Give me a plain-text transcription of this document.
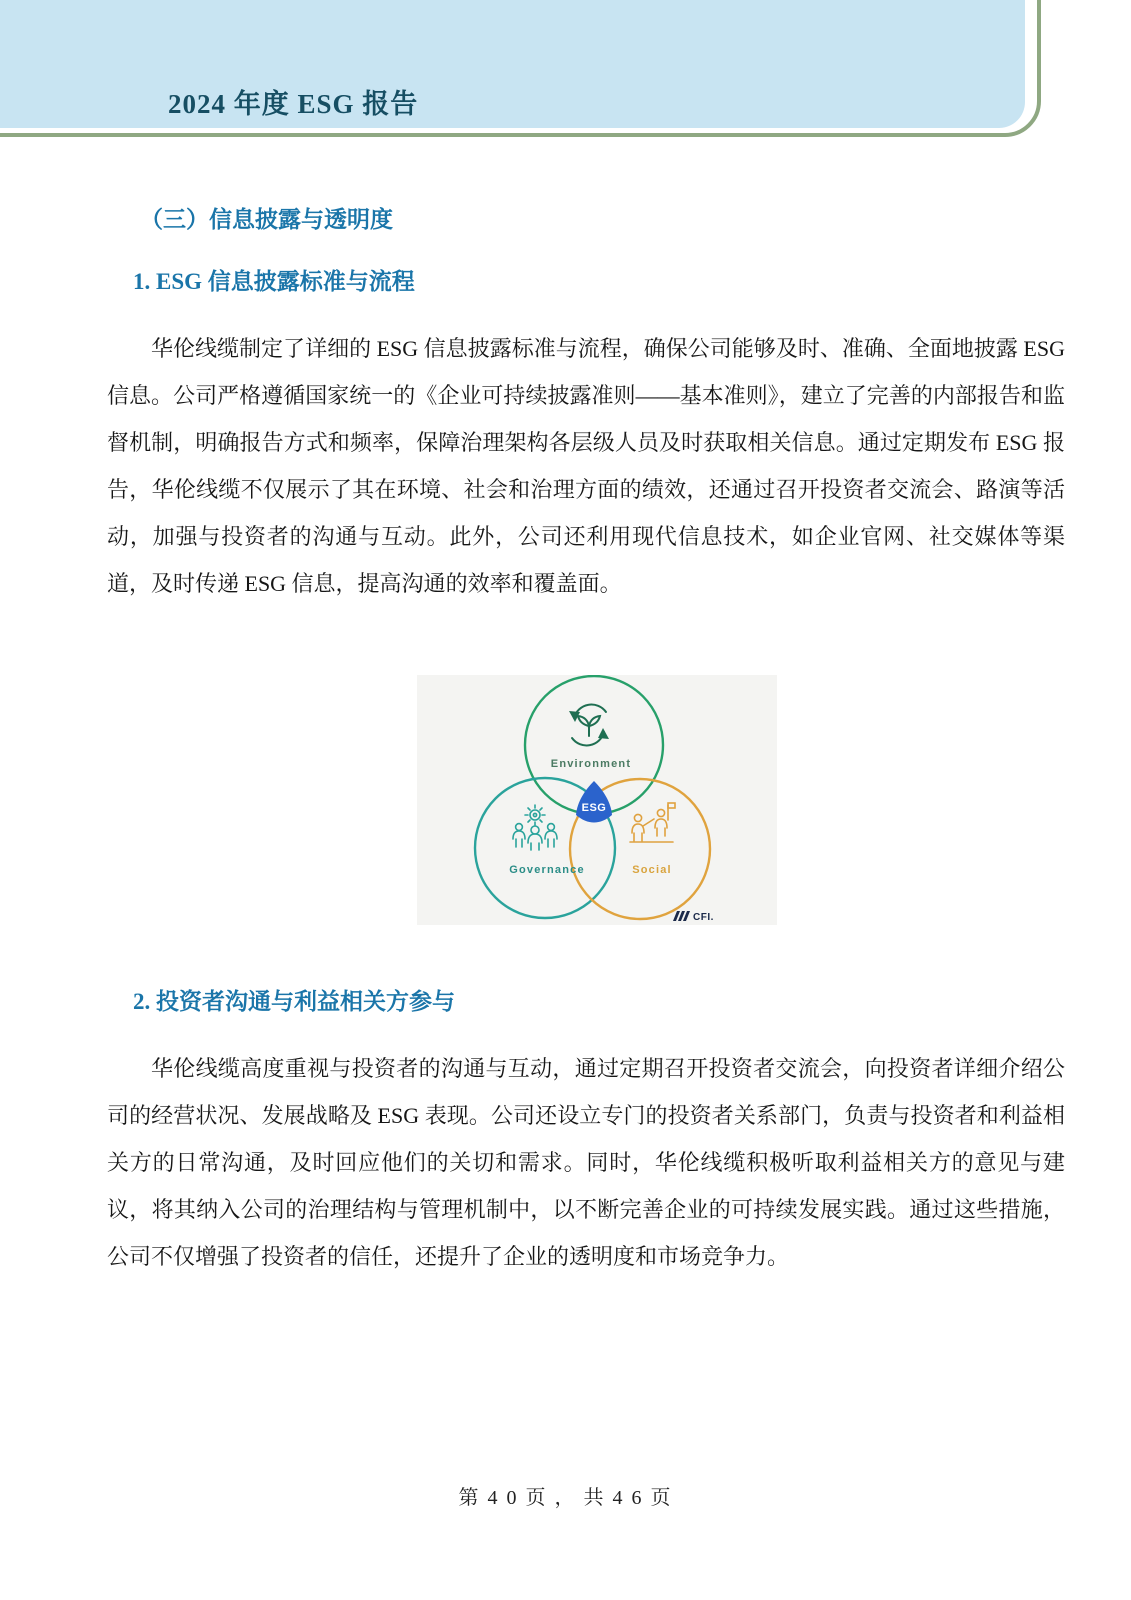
2024 年度 ESG 报告
（三）信息披露与透明度
1. ESG 信息披露标准与流程

华伦线缆制定了详细的 ESG 信息披露标准与流程，确保公司能够及时、准确、全面地披露 ESG 信息。公司严格遵循国家统一的《企业可持续披露准则——基本准则》，建立了完善的内部报告和监督机制，明确报告方式和频率，保障治理架构各层级人员及时获取相关信息。通过定期发布 ESG 报告，华伦线缆不仅展示了其在环境、社会和治理方面的绩效，还通过召开投资者交流会、路演等活动，加强与投资者的沟通与互动。此外，公司还利用现代信息技术，如企业官网、社交媒体等渠道，及时传递 ESG 信息，提高沟通的效率和覆盖面。

Environment
Governance	Social
ESG
CFI.
2. 投资者沟通与利益相关方参与

华伦线缆高度重视与投资者的沟通与互动，通过定期召开投资者交流会，向投资者详细介绍公司的经营状况、发展战略及 ESG 表现。公司还设立专门的投资者关系部门，负责与投资者和利益相关方的日常沟通，及时回应他们的关切和需求。同时，华伦线缆积极听取利益相关方的意见与建议，将其纳入公司的治理结构与管理机制中，以不断完善企业的可持续发展实践。通过这些措施，公司不仅增强了投资者的信任，还提升了企业的透明度和市场竞争力。

第 4 0 页 ， 共 4 6 页
